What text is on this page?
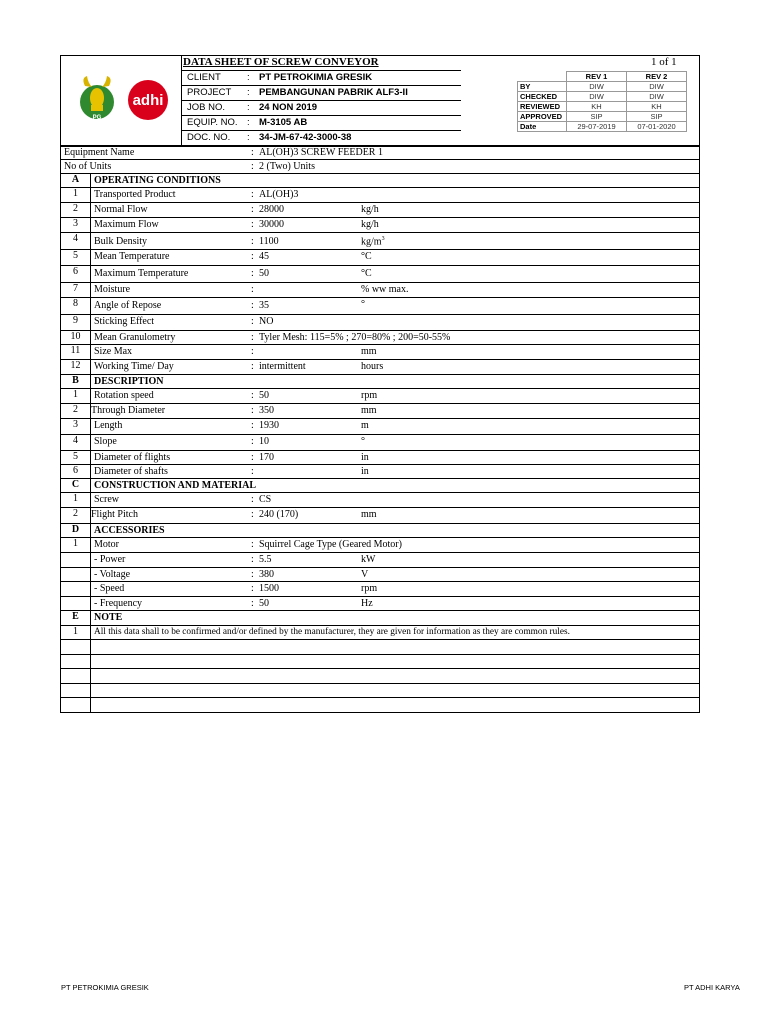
PG
adhi
DATA SHEET OF SCREW CONVEYOR	1 of 1
CLIENT	: PT PETROKIMIA GRESIK
PROJECT : PEMBANGUNAN PABRIK ALF3-II
JOB NO. : 24 NON 2019
EQUIP. NO. : M-3105 AB
DOC. NO. : 34-JM-67-42-3000-38
	REV 1	REV 2
BY	DIW	DIW
CHECKED	DIW	DIW
REVIEWED	KH	KH
APPROVED	SIP	SIP
Date	29-07-2019	07-01-2020
Equipment Name	: AL(OH)3 SCREW FEEDER 1
No of Units	: 2 (Two) Units
A	OPERATING CONDITIONS
1	Transported Product	: AL(OH)3
2	Normal Flow	: 28000	kg/h
3	Maximum Flow	: 30000	kg/h
4	Bulk Density	: 1100	$kg/m^3$
5	Mean Temperature	: 45	°C
6	Maximum Temperature	: 50	°C
7	Moisture	:	% ww max.
8	Angle of Repose	: 35	°
9	Sticking Effect	: NO
10	Mean Granulometry	: Tyler Mesh: 115=5% ; 270=80% ; 200=50-55%
11	Size Max	:	mm
12	Working Time/ Day	: intermittent	hours
B	DESCRIPTION
1	Rotation speed	: 50	rpm
2	Through Diameter	: 350	mm
3	Length	: 1930	m
4	Slope	: 10	°
5	Diameter of flights	: 170	in
6	Diameter of shafts	:	in
C	CONSTRUCTION AND MATERIAL
1	Screw	: CS
2	Flight Pitch	: 240 (170)	mm
D	ACCESSORIES
1	Motor	: Squirrel Cage Type (Geared Motor)
- Power	: 5.5	kW
- Voltage	: 380	V
- Speed	: 1500	rpm
- Frequency	: 50	Hz
E	NOTE
1	All this data shall to be confirmed and/or defined by the manufacturer, they are given for information as they are common rules.
PT PETROKIMIA GRESIK	PT ADHI KARYA
